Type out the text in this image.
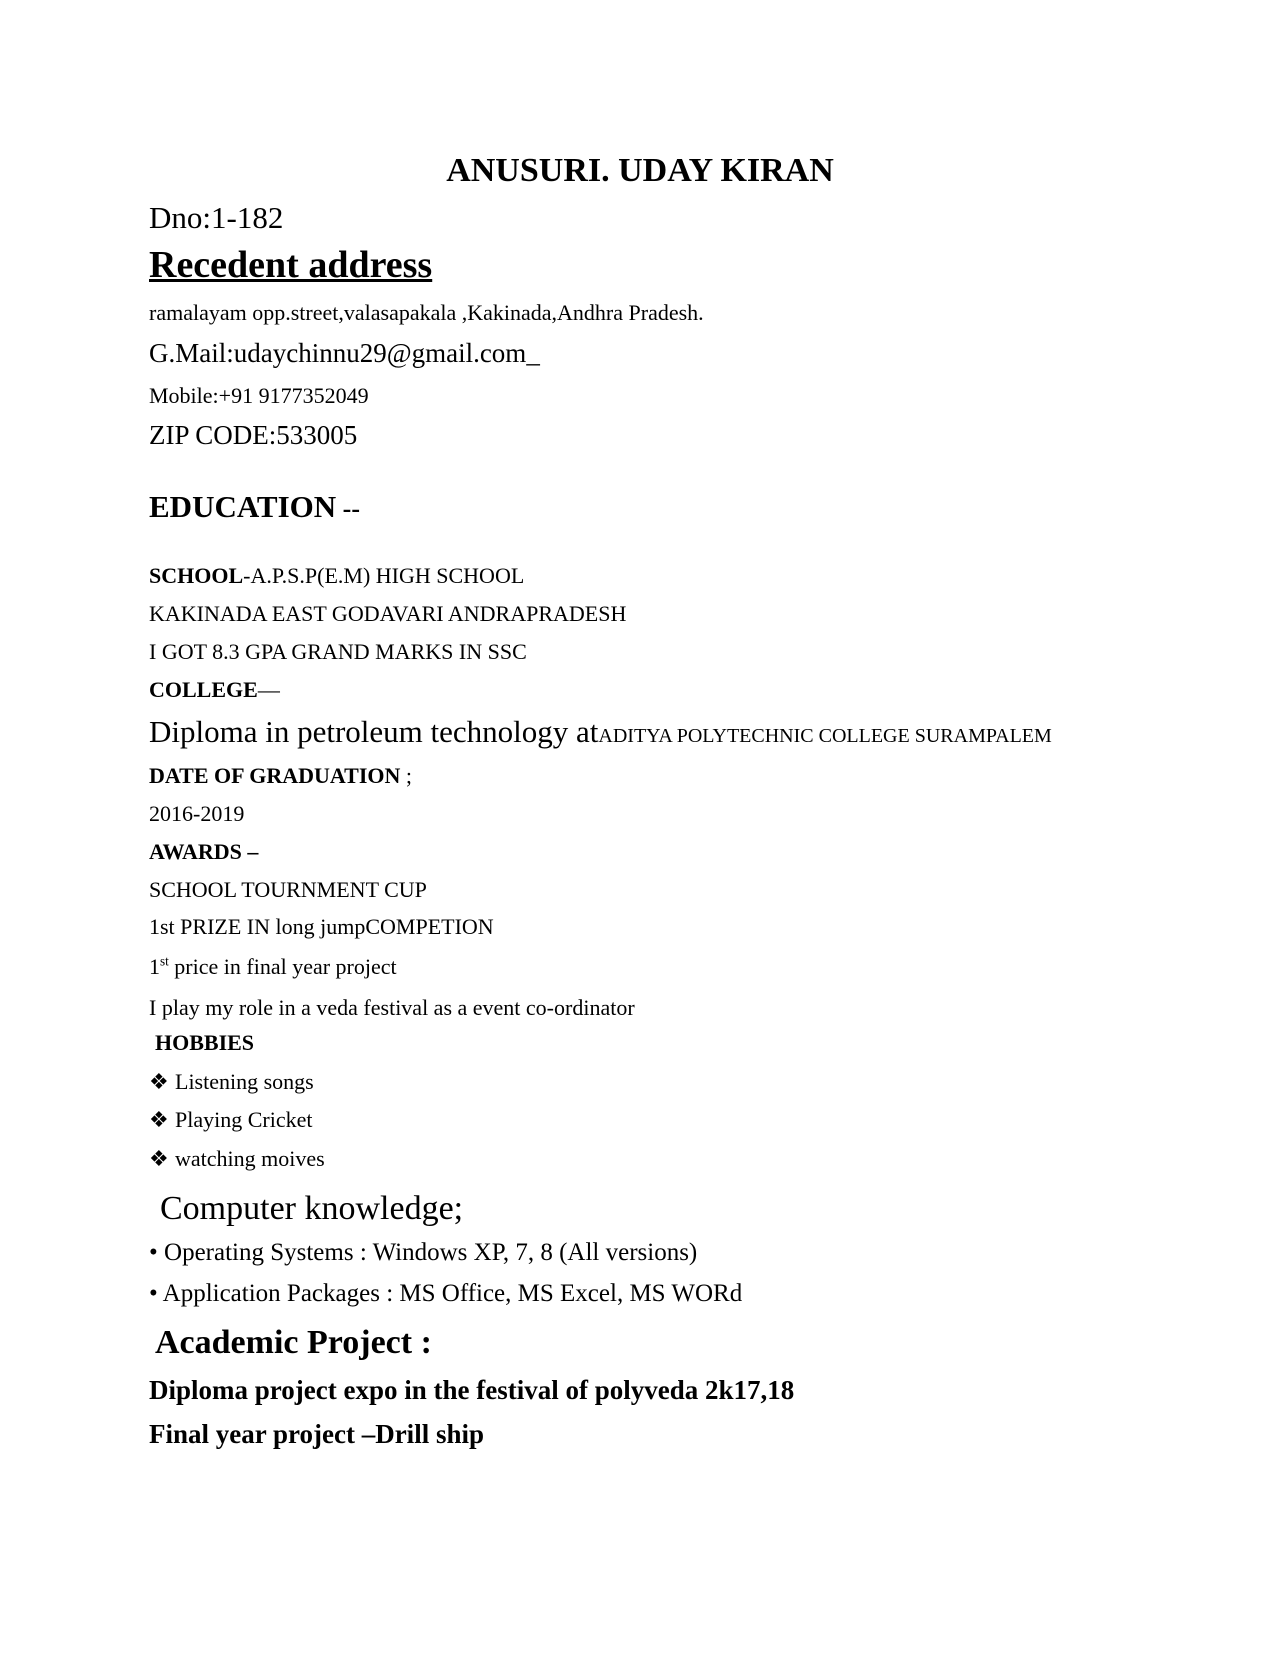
ANUSURI. UDAY KIRAN
Dno:1-182
Recedent address
ramalayam opp.street,valasapakala ,Kakinada,Andhra Pradesh.
G.Mail:udaychinnu29@gmail.com_
Mobile:+91 9177352049
ZIP CODE:533005
EDUCATION --
SCHOOL-A.P.S.P(E.M) HIGH SCHOOL
KAKINADA EAST GODAVARI ANDRAPRADESH
I GOT 8.3 GPA GRAND MARKS IN SSC
COLLEGE—
Diploma in petroleum technology atADITYA POLYTECHNIC COLLEGE SURAMPALEM
DATE OF GRADUATION ;
2016-2019
AWARDS –
SCHOOL TOURNMENT CUP
1st PRIZE IN long jumpCOMPETION
1st price in final year project
I play my role in a veda festival as a event co-ordinator
HOBBIES
❖ Listening songs
❖ Playing Cricket
❖ watching moives
Computer knowledge;
• Operating Systems : Windows XP, 7, 8 (All versions)
• Application Packages : MS Office, MS Excel, MS WORd
Academic Project :
Diploma project expo in the festival of polyveda 2k17,18
Final year project –Drill ship
